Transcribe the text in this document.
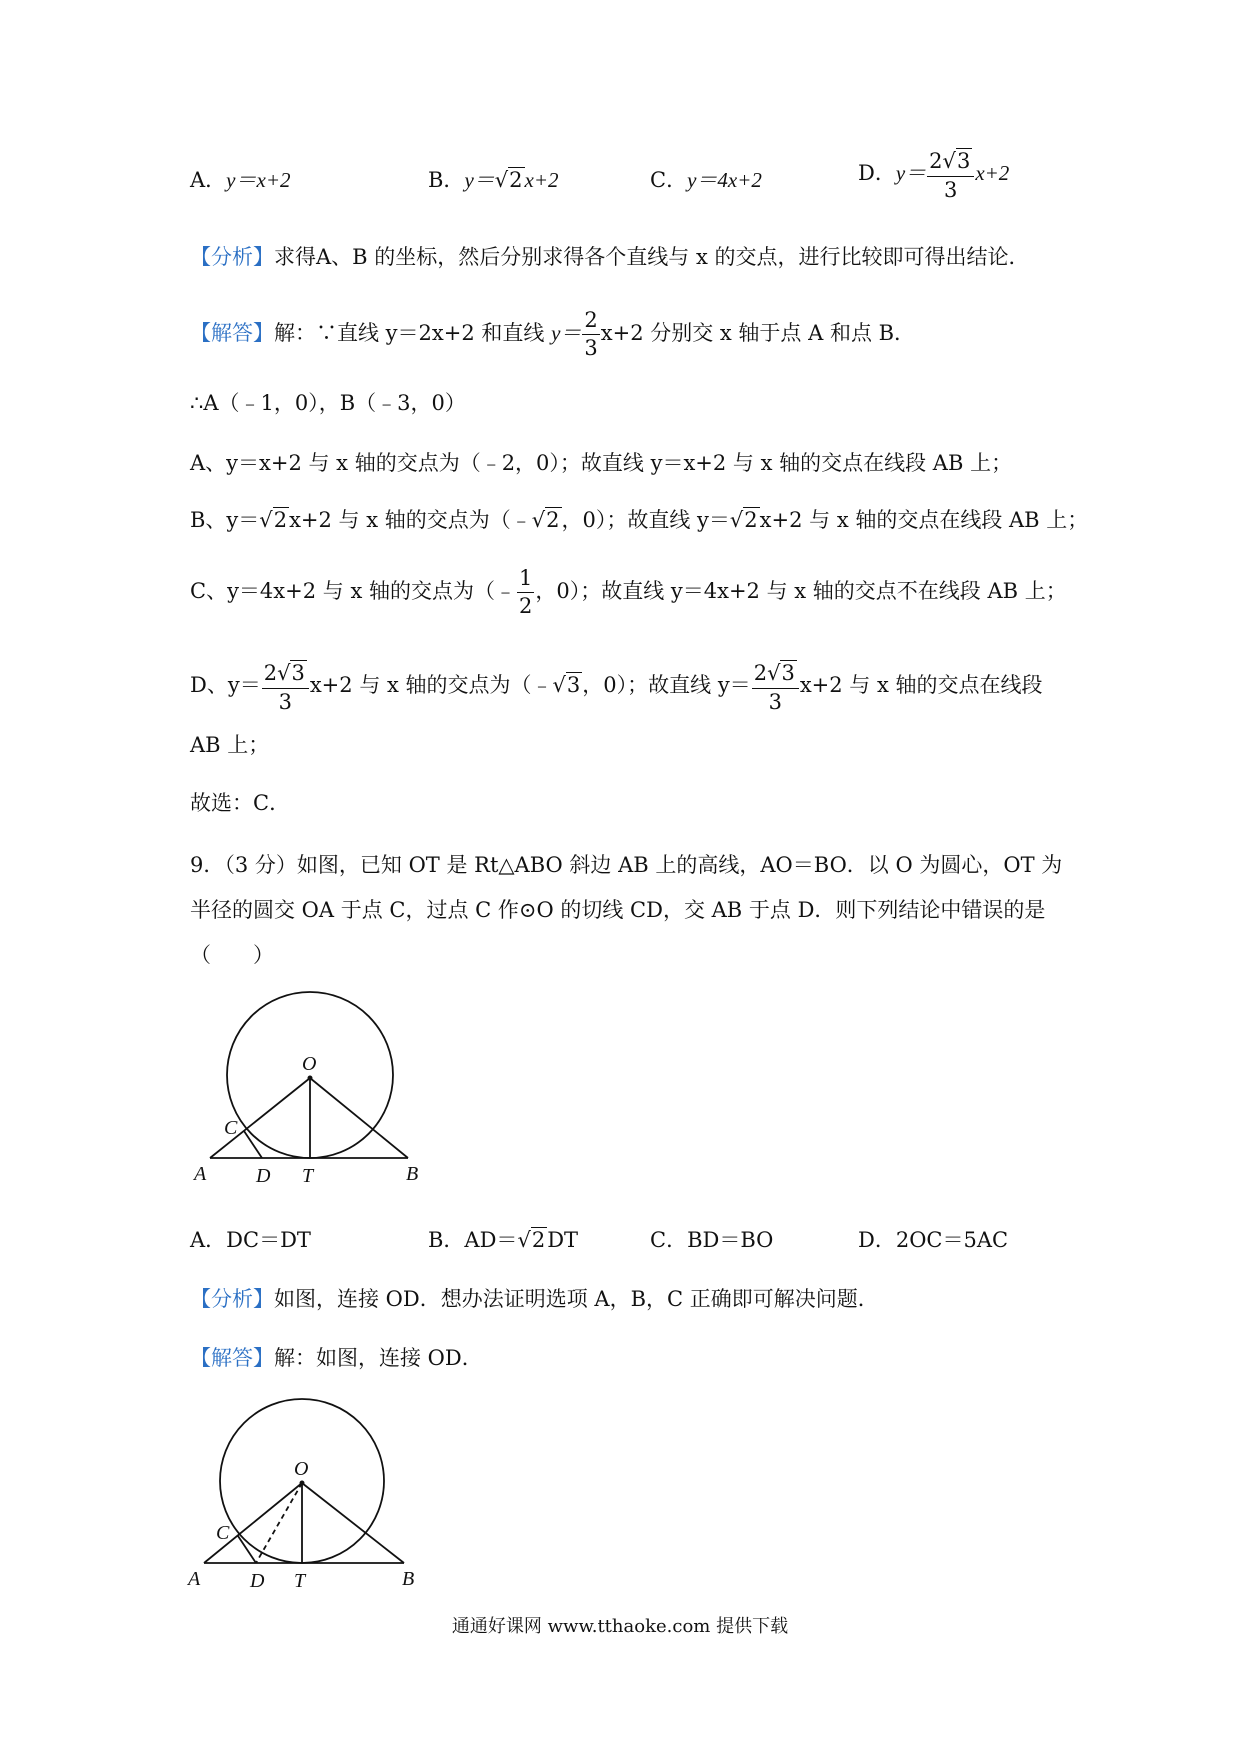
A．y＝x+2	B．y＝√2x+2	C．y＝4x+2	D．$y= \frac{2√3}{3} x+2$
【分析】求得A、B 的坐标，然后分别求得各个直线与 x 的交点，进行比较即可得出结论．
【解答】解：∵直线 y＝2x+2 和直线 $y= \frac{2}{3} x+2$ 分别交 x 轴于点 A 和点 B．
∴A（﹣1，0），B（﹣3，0）
A、y＝x+2 与 x 轴的交点为（﹣2，0）；故直线 y＝x+2 与 x 轴的交点在线段 AB 上；
B、y＝√2x+2 与 x 轴的交点为（﹣√2，0）；故直线 y＝√2x+2 与 x 轴的交点在线段 AB 上；
C、y＝4x+2 与 x 轴的交点为（﹣ $\frac{1}{2}$ ，0）；故直线 y＝4x+2 与 x 轴的交点不在线段 AB 上；
D、$y= \frac{2√3}{3} x+2$ 与 x 轴的交点为（﹣√3，0）；故直线 $y= \frac{2√3}{3} x+2$ 与 x 轴的交点在线段
AB 上；
故选：C．
9．（3 分）如图，已知 OT 是 Rt△ABO 斜边 AB 上的高线，AO＝BO．以 O 为圆心，OT 为
半径的圆交 OA 于点 C，过点 C 作⊙O 的切线 CD，交 AB 于点 D．则下列结论中错误的是
（　　）
O
C
A D T	B
A．DC＝DT	B．AD＝√2DT	C．BD＝BO	D．2OC＝5AC
【分析】如图，连接 OD．想办法证明选项 A，B，C 正确即可解决问题．
【解答】解：如图，连接 OD．
O
C
A D T	B
通通好课网 www.tthaoke.com 提供下载
